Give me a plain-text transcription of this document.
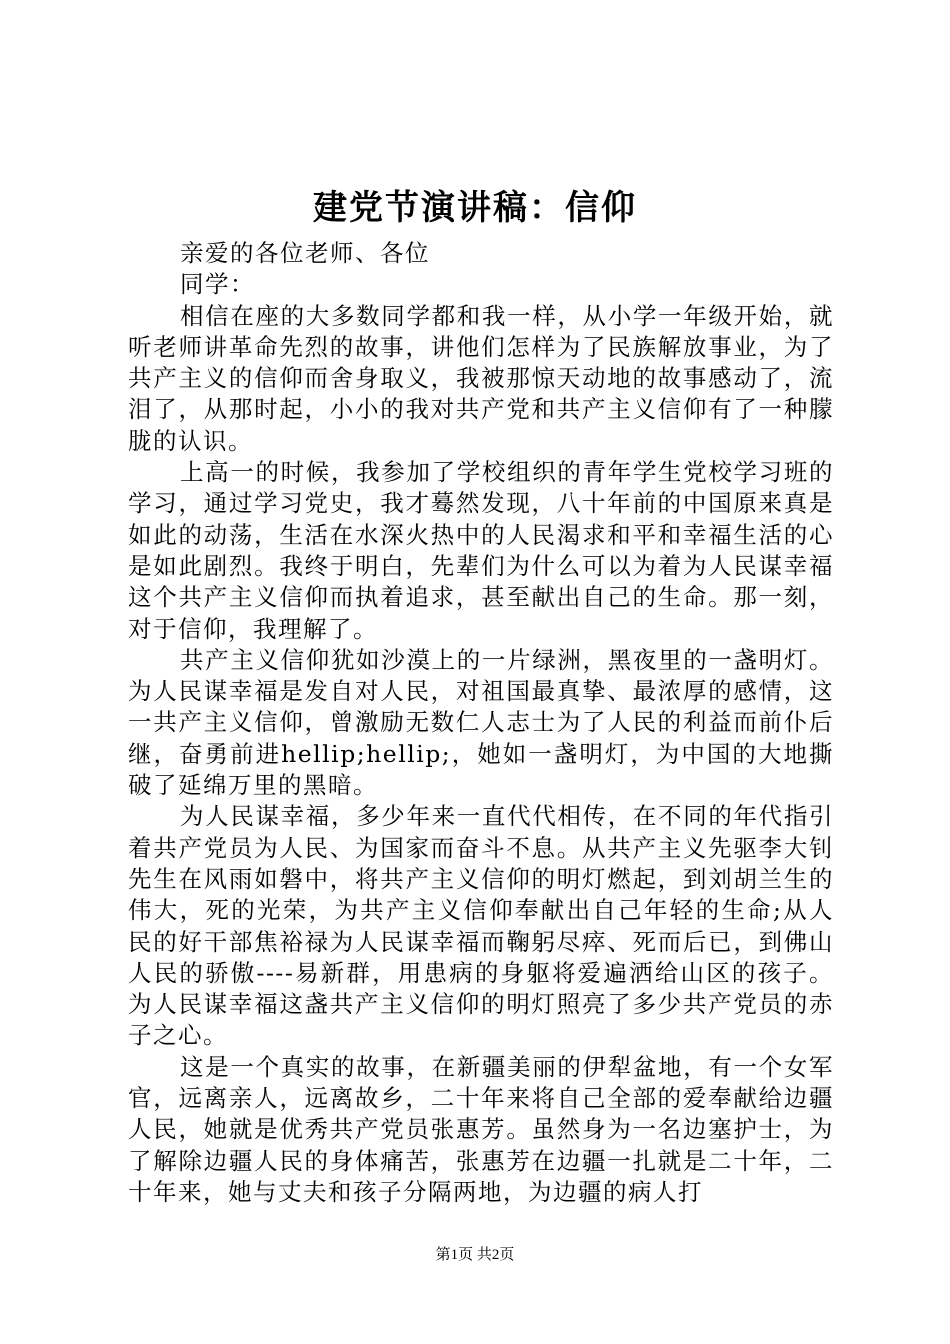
建党节演讲稿：信仰

亲爱的各位老师、各位

同学：

相信在座的大多数同学都和我一样，从小学一年级开始，就听老师讲革命先烈的故事，讲他们怎样为了民族解放事业，为了共产主义的信仰而舍身取义，我被那惊天动地的故事感动了，流泪了，从那时起，小小的我对共产党和共产主义信仰有了一种朦胧的认识。

上高一的时候，我参加了学校组织的青年学生党校学习班的学习，通过学习党史，我才蓦然发现，八十年前的中国原来真是如此的动荡，生活在水深火热中的人民渴求和平和幸福生活的心是如此剧烈。我终于明白，先辈们为什么可以为着为人民谋幸福这个共产主义信仰而执着追求，甚至献出自己的生命。那一刻，对于信仰，我理解了。

共产主义信仰犹如沙漠上的一片绿洲，黑夜里的一盏明灯。为人民谋幸福是发自对人民，对祖国最真挚、最浓厚的感情，这一共产主义信仰，曾激励无数仁人志士为了人民的利益而前仆后继，奋勇前进hellip;hellip;，她如一盏明灯，为中国的大地撕破了延绵万里的黑暗。

为人民谋幸福，多少年来一直代代相传，在不同的年代指引着共产党员为人民、为国家而奋斗不息。从共产主义先驱李大钊先生在风雨如磐中，将共产主义信仰的明灯燃起，到刘胡兰生的伟大，死的光荣，为共产主义信仰奉献出自己年轻的生命;从人民的好干部焦裕禄为人民谋幸福而鞠躬尽瘁、死而后已，到佛山人民的骄傲----易新群，用患病的身躯将爱遍洒给山区的孩子。为人民谋幸福这盏共产主义信仰的明灯照亮了多少共产党员的赤子之心。

这是一个真实的故事，在新疆美丽的伊犁盆地，有一个女军官，远离亲人，远离故乡，二十年来将自己全部的爱奉献给边疆人民，她就是优秀共产党员张惠芳。虽然身为一名边塞护士，为了解除边疆人民的身体痛苦，张惠芳在边疆一扎就是二十年，二十年来，她与丈夫和孩子分隔两地，为边疆的病人打

第1页 共2页
